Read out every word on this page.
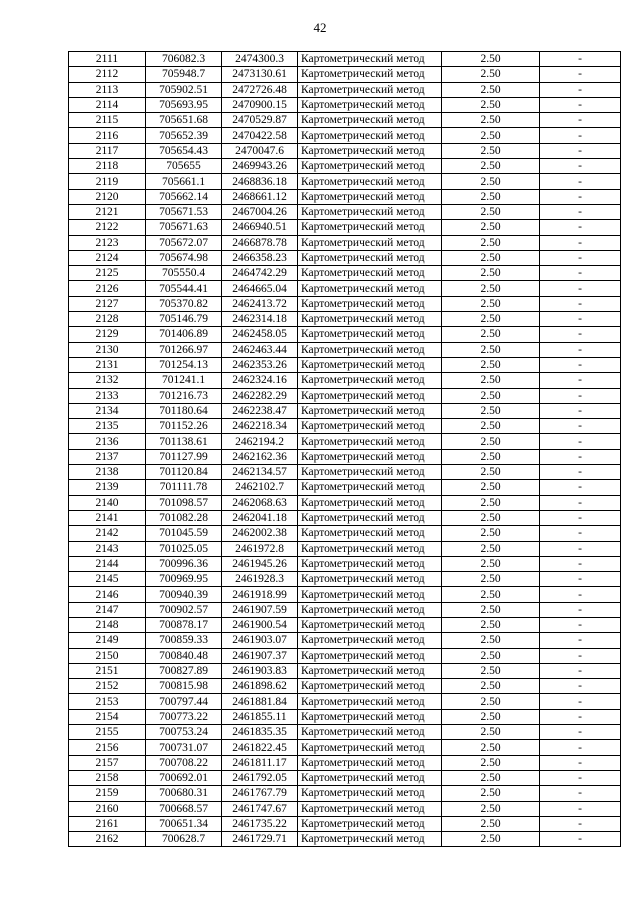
42
2111	706082.3	2474300.3	Картометрический метод	2.50	-
2112	705948.7	2473130.61	Картометрический метод	2.50	-
2113	705902.51	2472726.48	Картометрический метод	2.50	-
2114	705693.95	2470900.15	Картометрический метод	2.50	-
2115	705651.68	2470529.87	Картометрический метод	2.50	-
2116	705652.39	2470422.58	Картометрический метод	2.50	-
2117	705654.43	2470047.6	Картометрический метод	2.50	-
2118	705655	2469943.26	Картометрический метод	2.50	-
2119	705661.1	2468836.18	Картометрический метод	2.50	-
2120	705662.14	2468661.12	Картометрический метод	2.50	-
2121	705671.53	2467004.26	Картометрический метод	2.50	-
2122	705671.63	2466940.51	Картометрический метод	2.50	-
2123	705672.07	2466878.78	Картометрический метод	2.50	-
2124	705674.98	2466358.23	Картометрический метод	2.50	-
2125	705550.4	2464742.29	Картометрический метод	2.50	-
2126	705544.41	2464665.04	Картометрический метод	2.50	-
2127	705370.82	2462413.72	Картометрический метод	2.50	-
2128	705146.79	2462314.18	Картометрический метод	2.50	-
2129	701406.89	2462458.05	Картометрический метод	2.50	-
2130	701266.97	2462463.44	Картометрический метод	2.50	-
2131	701254.13	2462353.26	Картометрический метод	2.50	-
2132	701241.1	2462324.16	Картометрический метод	2.50	-
2133	701216.73	2462282.29	Картометрический метод	2.50	-
2134	701180.64	2462238.47	Картометрический метод	2.50	-
2135	701152.26	2462218.34	Картометрический метод	2.50	-
2136	701138.61	2462194.2	Картометрический метод	2.50	-
2137	701127.99	2462162.36	Картометрический метод	2.50	-
2138	701120.84	2462134.57	Картометрический метод	2.50	-
2139	701111.78	2462102.7	Картометрический метод	2.50	-
2140	701098.57	2462068.63	Картометрический метод	2.50	-
2141	701082.28	2462041.18	Картометрический метод	2.50	-
2142	701045.59	2462002.38	Картометрический метод	2.50	-
2143	701025.05	2461972.8	Картометрический метод	2.50	-
2144	700996.36	2461945.26	Картометрический метод	2.50	-
2145	700969.95	2461928.3	Картометрический метод	2.50	-
2146	700940.39	2461918.99	Картометрический метод	2.50	-
2147	700902.57	2461907.59	Картометрический метод	2.50	-
2148	700878.17	2461900.54	Картометрический метод	2.50	-
2149	700859.33	2461903.07	Картометрический метод	2.50	-
2150	700840.48	2461907.37	Картометрический метод	2.50	-
2151	700827.89	2461903.83	Картометрический метод	2.50	-
2152	700815.98	2461898.62	Картометрический метод	2.50	-
2153	700797.44	2461881.84	Картометрический метод	2.50	-
2154	700773.22	2461855.11	Картометрический метод	2.50	-
2155	700753.24	2461835.35	Картометрический метод	2.50	-
2156	700731.07	2461822.45	Картометрический метод	2.50	-
2157	700708.22	2461811.17	Картометрический метод	2.50	-
2158	700692.01	2461792.05	Картометрический метод	2.50	-
2159	700680.31	2461767.79	Картометрический метод	2.50	-
2160	700668.57	2461747.67	Картометрический метод	2.50	-
2161	700651.34	2461735.22	Картометрический метод	2.50	-
2162	700628.7	2461729.71	Картометрический метод	2.50	-
